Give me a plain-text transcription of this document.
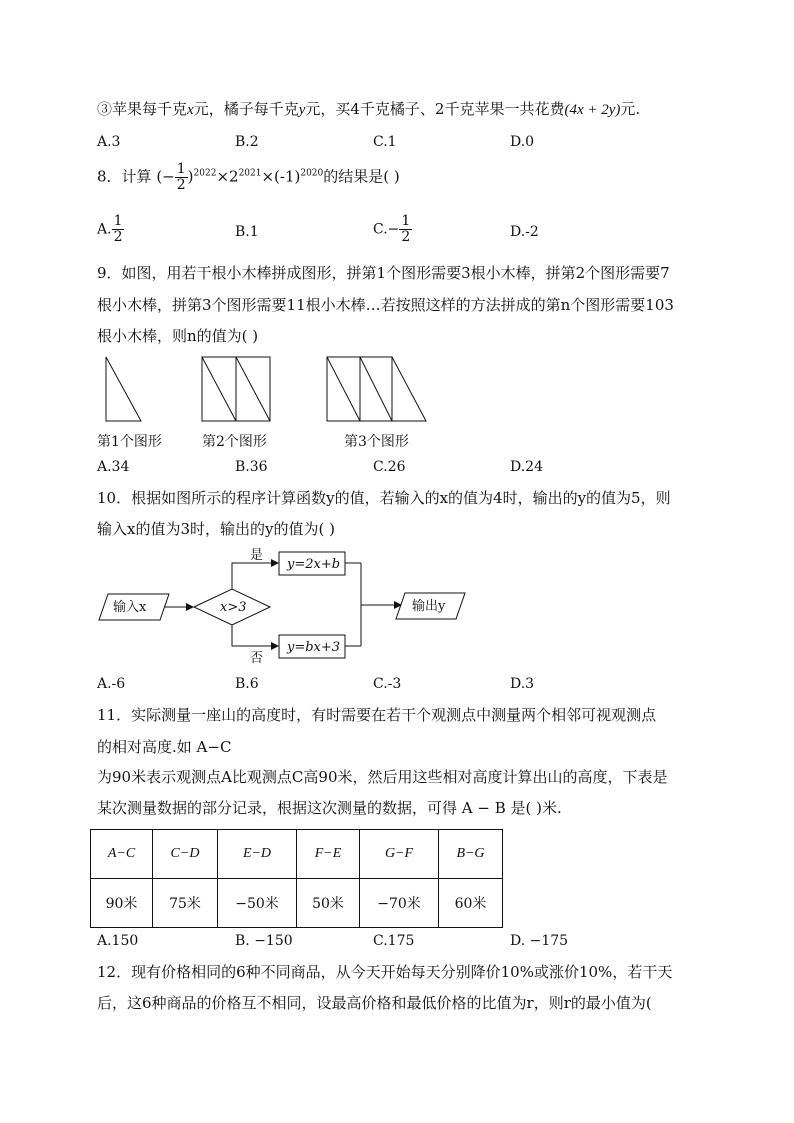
③苹果每千克x元，橘子每千克y元，买4千克橘子、2千克苹果一共花费(4x + 2y)元.
A.3	B.2	C.1	D.0
8．计算 (− $\frac{1}{2} )^{2022}\times 2^{2021}\times(-1)^{2020}$的结果是( )
A. $\frac{1}{2}$	B.1	$C.- \frac{1}{2}$	D.-2
9．如图，用若干根小木棒拼成图形，拼第1个图形需要3根小木棒，拼第2个图形需要7
根小木棒，拼第3个图形需要11根小木棒…若按照这样的方法拼成的第n个图形需要103
根小木棒，则n的值为( )
第1个图形	第2个图形	第3个图形
A.34	B.36	C.26	D.24
10．根据如图所示的程序计算函数y的值，若输入的x的值为4时，输出的y的值为5，则
输入x的值为3时，输出的y的值为( )
输入x	x>3
是
否
y=2x+b
y=bx+3
输出y
A.-6	B.6	C.-3	D.3
11．实际测量一座山的高度时，有时需要在若干个观测点中测量两个相邻可视观测点
的相对高度.如 A−C
为90米表示观测点A比观测点C高90米，然后用这些相对高度计算出山的高度，下表是
某次测量数据的部分记录，根据这次测量的数据，可得 A − B 是( )米.
A−C	C−D	E−D	F−E	G−F	B−G
90米	75米	−50米	50米	−70米	60米
A.150	B. −150	C.175	D. −175
12．现有价格相同的6种不同商品，从今天开始每天分别降价10%或涨价10%，若干天
后，这6种商品的价格互不相同，设最高价格和最低价格的比值为r，则r的最小值为(
